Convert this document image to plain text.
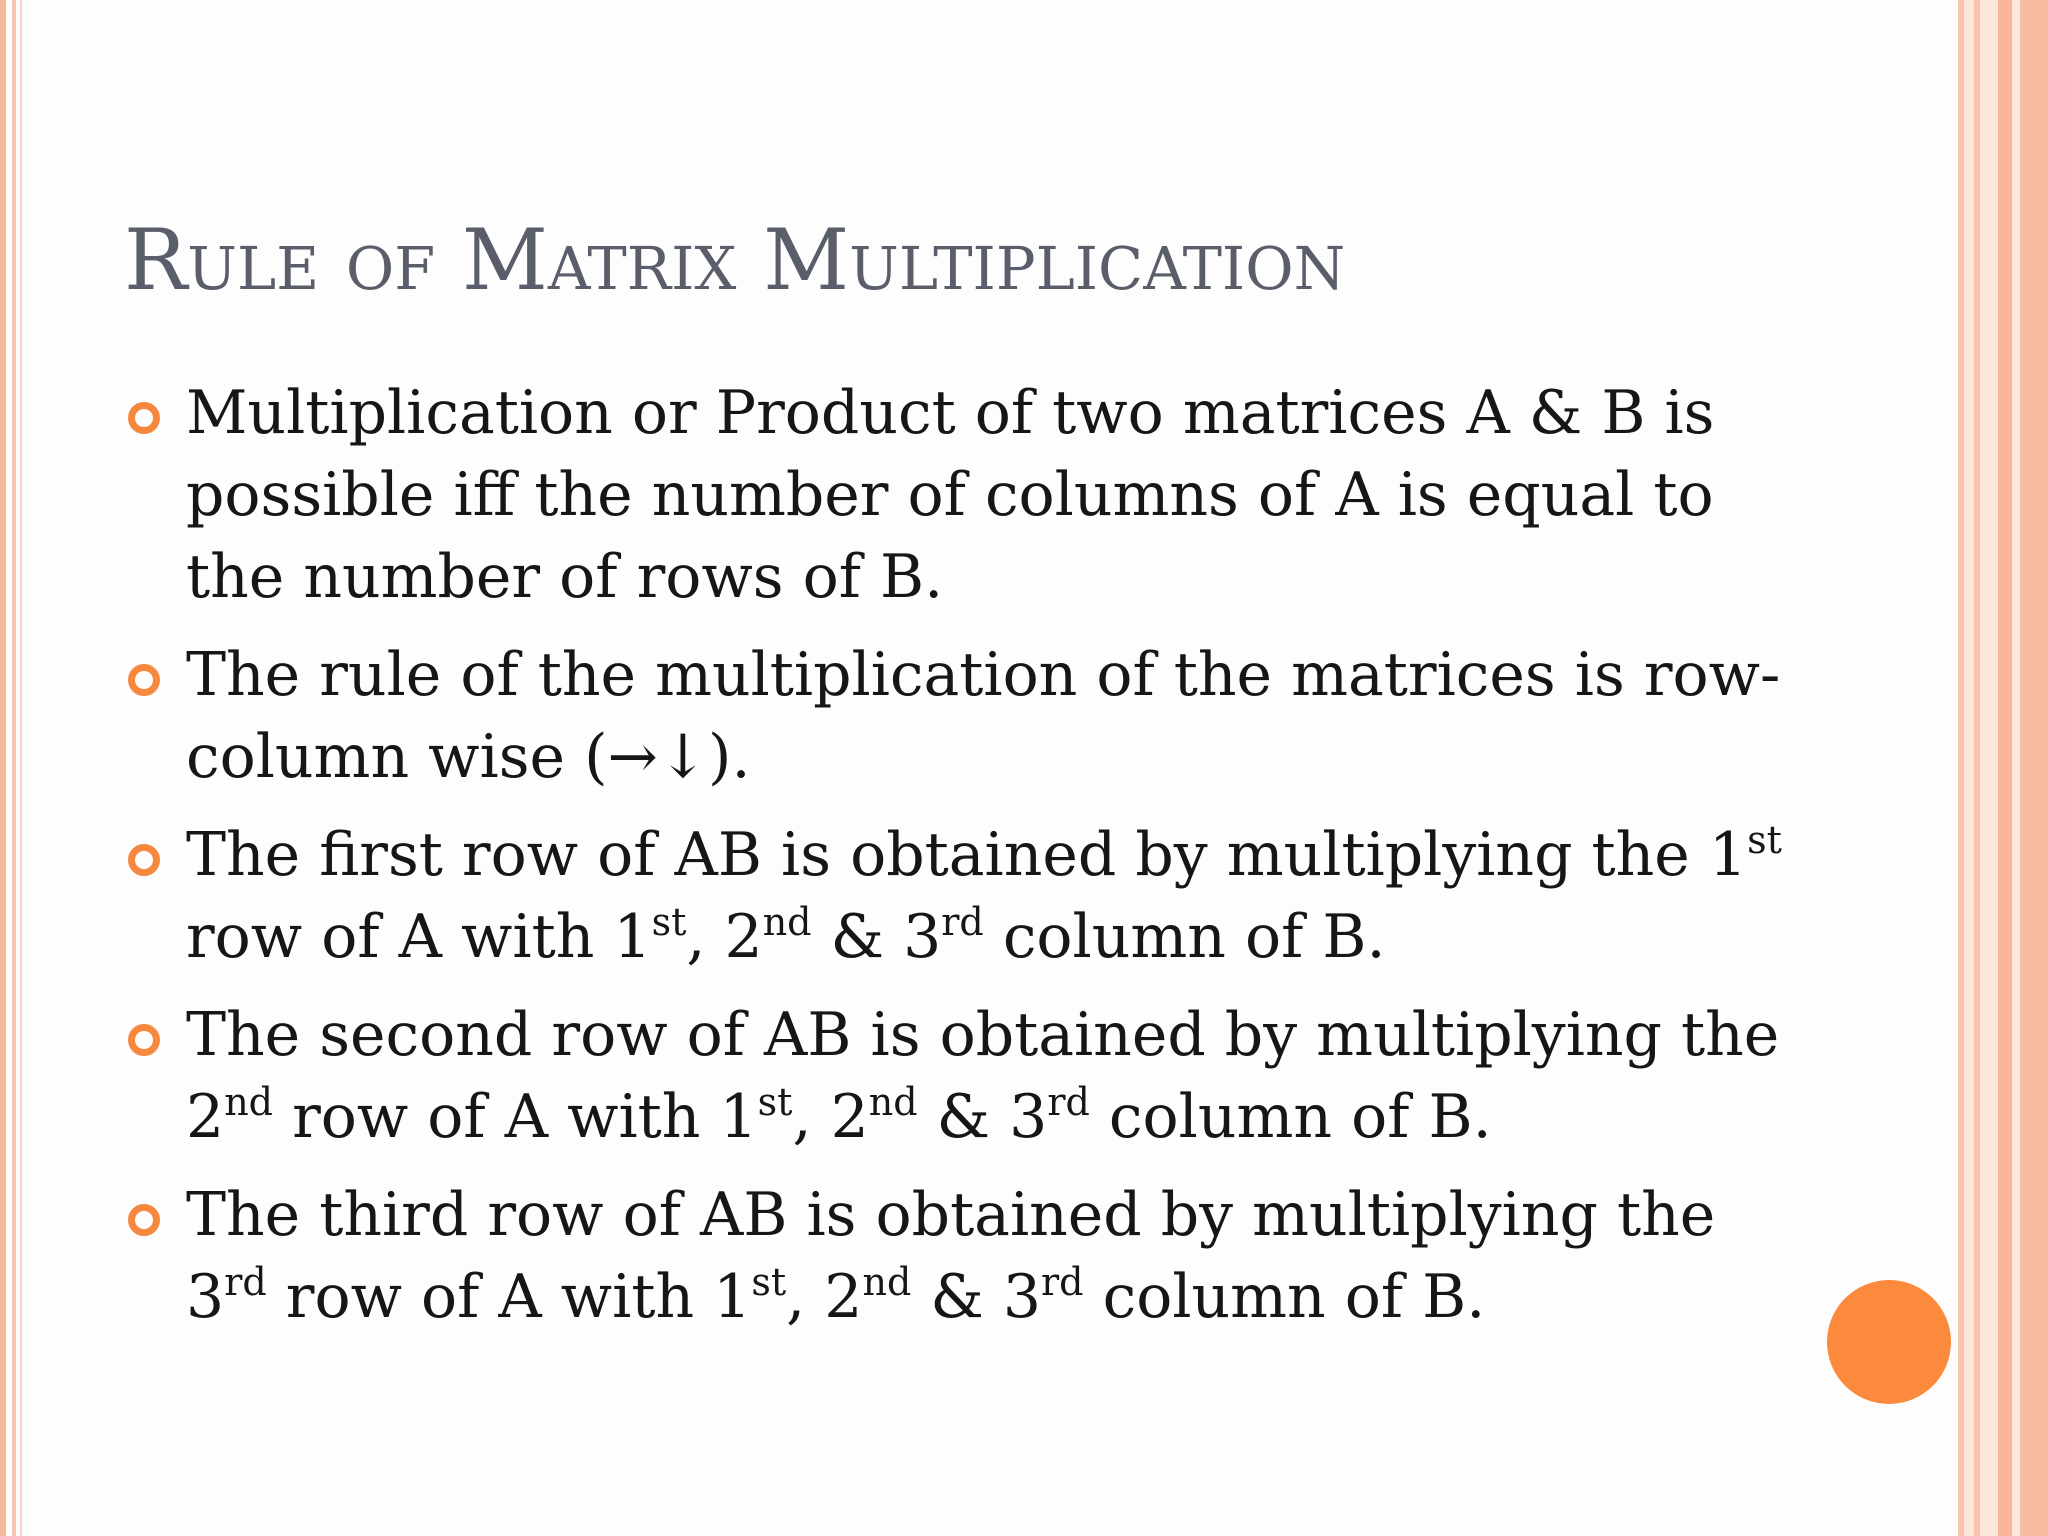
Rule of Matrix Multiplication
Multiplication or Product of two matrices A & B is possible iff the number of columns of A is equal to the number of rows of B.
The rule of the multiplication of the matrices is row-column wise (→↓).
The first row of AB is obtained by multiplying the 1st row of A with 1st, 2nd & 3rd column of B.
The second row of AB is obtained by multiplying the 2nd row of A with 1st, 2nd & 3rd column of B.
The third row of AB is obtained by multiplying the 3rd row of A with 1st, 2nd & 3rd column of B.
